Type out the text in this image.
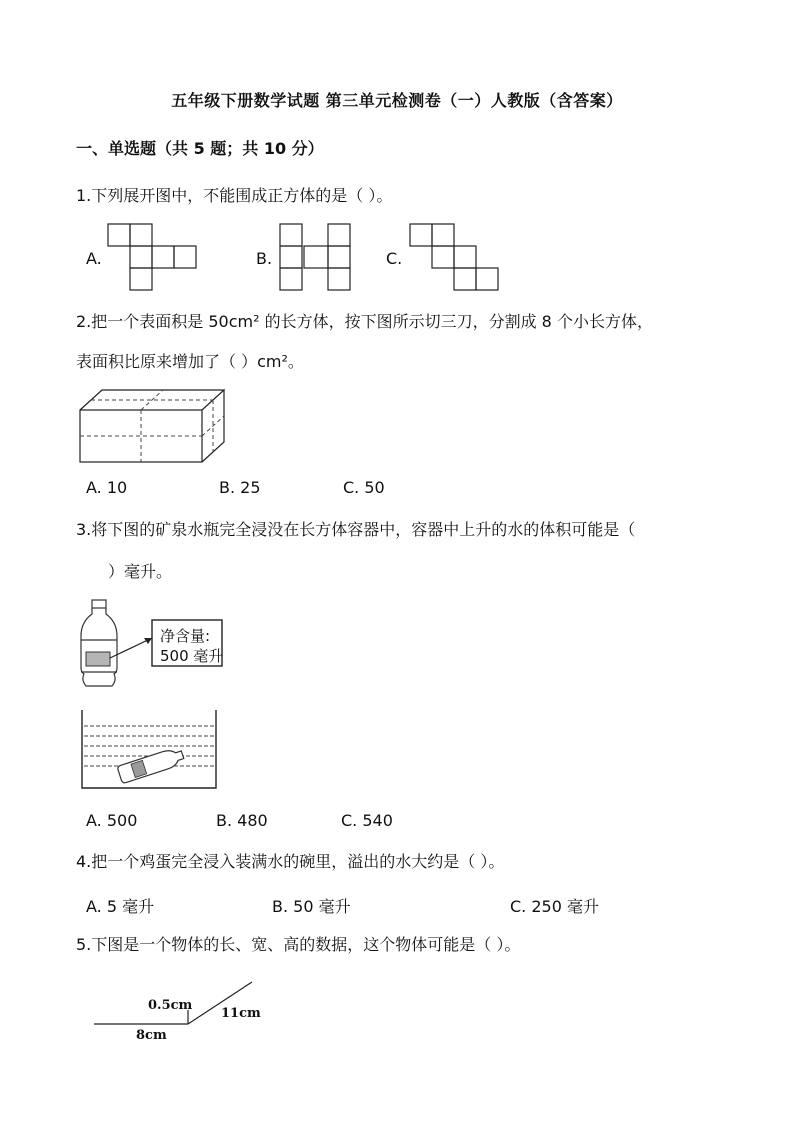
五年级下册数学试题 第三单元检测卷（一）人教版（含答案）
一、单选题（共 5 题；共 10 分）
1.下列展开图中，不能围成正方体的是（ ）。
A.	B.	C.
2.把一个表面积是 50cm² 的长方体，按下图所示切三刀，分割成 8 个小长方体，
表面积比原来增加了（ ）cm²。
A. 10	B. 25	C. 50
3.将下图的矿泉水瓶完全浸没在长方体容器中，容器中上升的水的体积可能是（
）毫升。
净含量:
500 毫升
A. 500	B. 480	C. 540
4.把一个鸡蛋完全浸入装满水的碗里，溢出的水大约是（ ）。
A. 5 毫升	B. 50 毫升	C. 250 毫升
5.下图是一个物体的长、宽、高的数据，这个物体可能是（ ）。
0.5cm
11cm
8cm
